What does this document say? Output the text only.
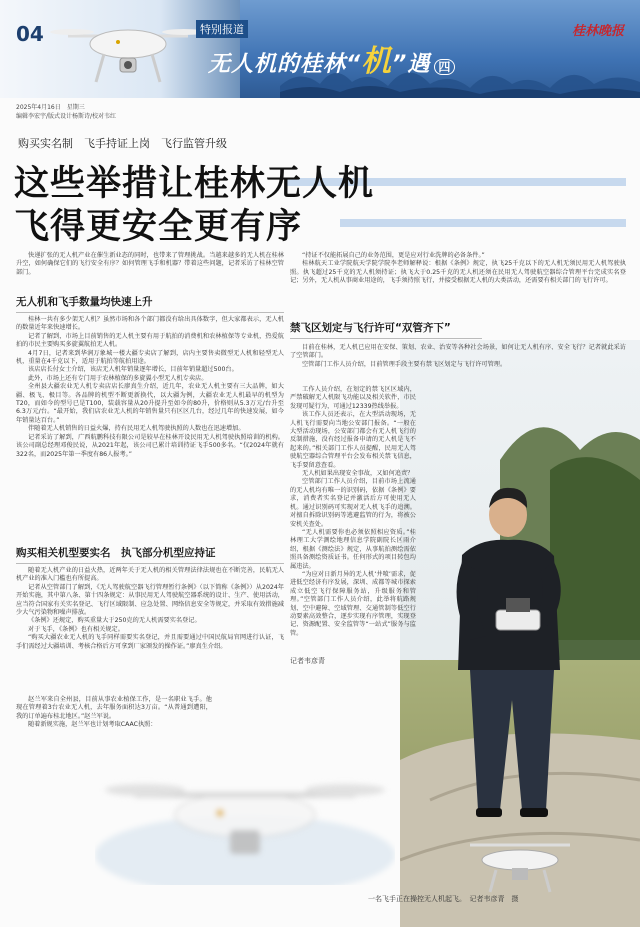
04	特别报道
无人机的桂林“机”遇 四
桂林晚报
2025年4月16日　星期三
编辑李宏宇/版式设计杨斯诗/校对韦红
购买实名制　飞手持证上岗　飞行监管升级
这些举措让桂林无人机
飞得更安全更有序

快递扩张的无人机产业在催生新业态的同时，也带来了管理挑战。当越来越多的无人机在桂林升空，如何确保它们的飞行安全有序？如何管理飞手和机器？带着这些问题，记者采访了桂林空管部门。

无人机和飞手数量均快速上升

桂林一共有多少架无人机？虽然市场和各个部门都没有给出具体数字，但大家都表示，无人机的数量近年来快速增长。

记者了解到，市场上目前销售的无人机主要有用于航拍的消费机和农林植保等专业机，热爱航拍的市民主要购买多旋翼航拍无人机。

4月7日，记者来到华润万象城一楼大疆专卖店了解到，店内主要售卖微型无人机和轻型无人机，重量在4千克以下，适用于航拍等航拍用途。

该店店长付女士介绍，该店无人机年销量逐年增长，目前年销量超过500台。

此外，市场上还有专门用于农林植保的多旋翼小型无人机专卖店。

全州县大疆农业无人机专卖店店长廖真生介绍，近几年，农业无人机主要有三大品牌，如大疆、极飞、极目等。各品牌的机型不断更新换代，以大疆为例，大疆农业无人机最早的机型为T20，而如今的型号已是T100，装载容量从20升提升至如今的80升，价格则从5.3万元/台升至6.3万元/台。“最开始，我们店农业无人机的年销售量只有区区几台，经过几年的快速发展，如今年销量达百台。”

伴随着无人机销售的日益火爆，持有民用无人机驾驶执照的人数也在迅速增加。

记者采访了解到，广西航鹏科技有限公司是较早在桂林开设民用无人机驾驶执照培训的机构。该公司副总经理邓俊民说，从2021年起，该公司已累计培训持证飞手500多名。“仅2024年就有322名，而2025年第一季度有86人报考。”

购买相关机型要实名　执飞部分机型应持证

随着无人机产业的日益火热，近两年关于无人机的相关管理法律法规也在不断完善，民航无人机产业的准入门槛也有所提高。

记者从空管部门了解到，《无人驾驶航空器飞行管理暂行条例》（以下简称《条例》）从2024年开始实施，其中第八条、第十四条规定：从事民用无人驾驶航空器系统的设计、生产、使用活动，应当符合国家有关实名登记、飞行区域限制、应急处置、网络信息安全等规定，并采取有效措施减少大气污染物和噪声排放。

《条例》还规定，购买重量大于250克的无人机需要实名登记。

对于飞手，《条例》也有相关规定。

“购买大疆农业无人机的飞手同样需要实名登记，并且需要通过中国民航局官网进行认证，飞手们需经过大疆培训、考核合格后方可拿到厂家颁发的操作证。”廖真生介绍。

赵兰军来自全州县，目前从事农业植保工作，是一名职业飞手。他现在管理着3台农业无人机，去年服务面积达3万亩。“从普通到遭阳，我的订单遍布桂北地区。”赵兰军说。

随着新规实施，赵兰军也计划考取CAAC执照：

“持证不仅能拓展自己的业务范围，更是应对行业洗牌的必备条件。”

桂林航天工业学院航天学院学院李老师解释说：根据《条例》规定，执飞25千克以下的无人机无须民用无人机驾驶执照。执飞超过25千克的无人机须持证；执飞大于0.25千克的无人机还须在民用无人驾驶航空器综合管理平台完成实名登记；另外，无人机从事商业用途的，飞手须持照飞行，并接受根据无人机的大类活动，还需要有相关部门的飞行许可。

禁飞区划定与飞行许可“双管齐下”

目前在桂林，无人机已应用在安保、策划、农业、治安等各种社会场景，如何让无人机有序、安全飞行？记者就此采访了空管部门。

空管部门工作人员介绍，目前管理手段主要有禁飞区划定与飞行许可管理。

工作人员介绍，在划定的禁飞区区域内，严禁破解无人机限飞功能以及相关软件，市民发现可疑行为，可通过12339热线举报。

该工作人员还表示，在大型活动现场，无人机飞行需要向当地公安部门报备。“一般在大型活动现场，公安部门都会有无人机飞行的反制措施，没有经过报备申请的无人机是飞不起来的。”相关部门工作人员提醒，民用无人驾驶航空器综合管理平台会发布相关禁飞信息，飞手要留意查看。

无人机如果出现安全事故，又如何追责？

空管部门工作人员介绍，目前市场上流通的无人机均有唯一的识别码，依据《条例》要求，消费者实名登记并激活后方可使用无人机。通过识别码可实现对无人机飞手的追溯。对擅自拆除识别码等逃避监管的行为，将被公安机关查处。

“无人机需要你也必须依照相应资质。”桂林理工大学测绘地理信息学院副院长区雨介绍，根据《测绘法》规定，从事航拍测绘需依照具备测绘资质证书。任何形式的项目转包均属违法。

“为应对日新月异的无人机‘井喷’需求，促进低空经济有序发展，深圳、成都等城市探索成立低空飞行保障服务站，升级服务和管理。”空管部门工作人员介绍，此举将航路规划、空中避障、空域管理、交通管制等低空行动要素高效整合，逐步实现有序管理，实现登记、资源配置、安全监管等“一站式”服务与监管。

记者韦彦青
一名飞手正在操控无人机起飞。　记者韦彦青　摄
